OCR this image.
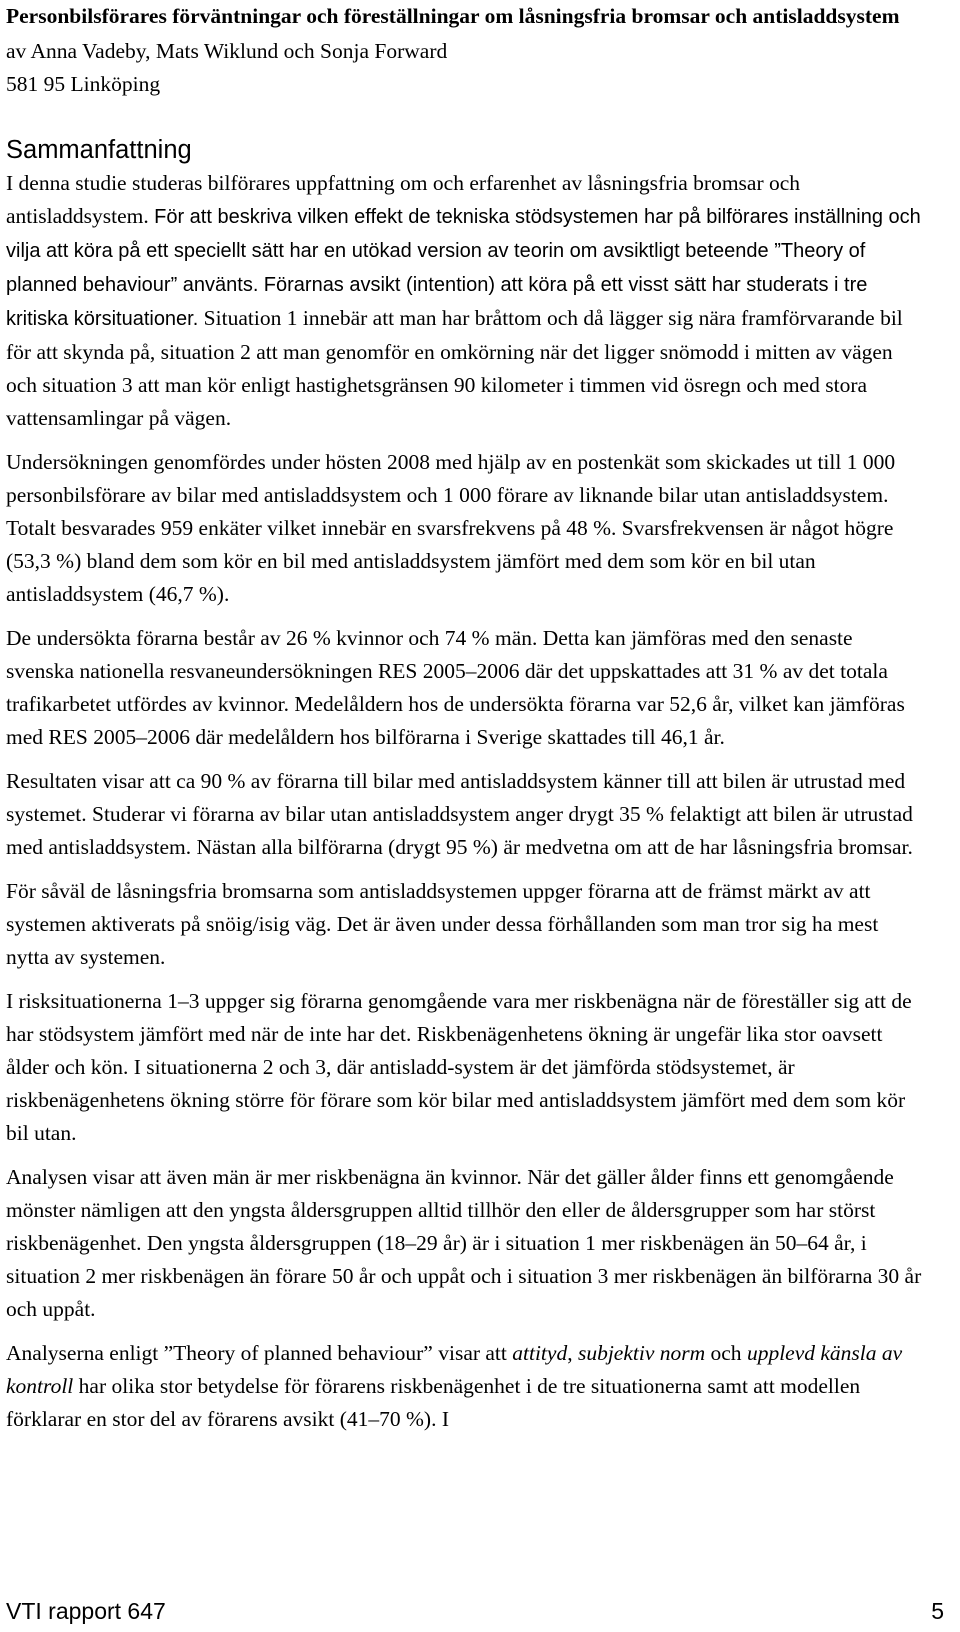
Personbilsförares förväntningar och föreställningar om låsningsfria bromsar och antisladdsystem

av Anna Vadeby, Mats Wiklund och Sonja Forward

581 95 Linköping

Sammanfattning

I denna studie studeras bilförares uppfattning om och erfarenhet av låsningsfria bromsar och antisladdsystem. För att beskriva vilken effekt de tekniska stödsystemen har på bilförares inställning och vilja att köra på ett speciellt sätt har en utökad version av teorin om avsiktligt beteende ”Theory of planned behaviour” använts. Förarnas avsikt (intention) att köra på ett visst sätt har studerats i tre kritiska körsituationer. Situation 1 innebär att man har bråttom och då lägger sig nära framförvarande bil för att skynda på, situation 2 att man genomför en omkörning när det ligger snömodd i mitten av vägen och situation 3 att man kör enligt hastighetsgränsen 90 kilometer i timmen vid ösregn och med stora vattensamlingar på vägen.

Undersökningen genomfördes under hösten 2008 med hjälp av en postenkät som skickades ut till 1 000 personbilsförare av bilar med antisladdsystem och 1 000 förare av liknande bilar utan antisladdsystem. Totalt besvarades 959 enkäter vilket innebär en svarsfrekvens på 48 %. Svarsfrekvensen är något högre (53,3 %) bland dem som kör en bil med antisladdsystem jämfört med dem som kör en bil utan antisladdsystem (46,7 %).

De undersökta förarna består av 26 % kvinnor och 74 % män. Detta kan jämföras med den senaste svenska nationella resvaneundersökningen RES 2005–2006 där det uppskattades att 31 % av det totala trafikarbetet utfördes av kvinnor. Medelåldern hos de undersökta förarna var 52,6 år, vilket kan jämföras med RES 2005–2006 där medelåldern hos bilförarna i Sverige skattades till 46,1 år.

Resultaten visar att ca 90 % av förarna till bilar med antisladdsystem känner till att bilen är utrustad med systemet. Studerar vi förarna av bilar utan antisladdsystem anger drygt 35 % felaktigt att bilen är utrustad med antisladdsystem. Nästan alla bilförarna (drygt 95 %) är medvetna om att de har låsningsfria bromsar.

För såväl de låsningsfria bromsarna som antisladdsystemen uppger förarna att de främst märkt av att systemen aktiverats på snöig/isig väg. Det är även under dessa förhållanden som man tror sig ha mest nytta av systemen.

I risksituationerna 1–3 uppger sig förarna genomgående vara mer riskbenägna när de föreställer sig att de har stödsystem jämfört med när de inte har det. Riskbenägenhetens ökning är ungefär lika stor oavsett ålder och kön. I situationerna 2 och 3, där antisladd-system är det jämförda stödsystemet, är riskbenägenhetens ökning större för förare som kör bilar med antisladdsystem jämfört med dem som kör bil utan.

Analysen visar att även män är mer riskbenägna än kvinnor. När det gäller ålder finns ett genomgående mönster nämligen att den yngsta åldersgruppen alltid tillhör den eller de åldersgrupper som har störst riskbenägenhet. Den yngsta åldersgruppen (18–29 år) är i situation 1 mer riskbenägen än 50–64 år, i situation 2 mer riskbenägen än förare 50 år och uppåt och i situation 3 mer riskbenägen än bilförarna 30 år och uppåt.

Analyserna enligt ”Theory of planned behaviour” visar att attityd, subjektiv norm och upplevd känsla av kontroll har olika stor betydelse för förarens riskbenägenhet i de tre situationerna samt att modellen förklarar en stor del av förarens avsikt (41–70 %). I

VTI rapport 647	5
